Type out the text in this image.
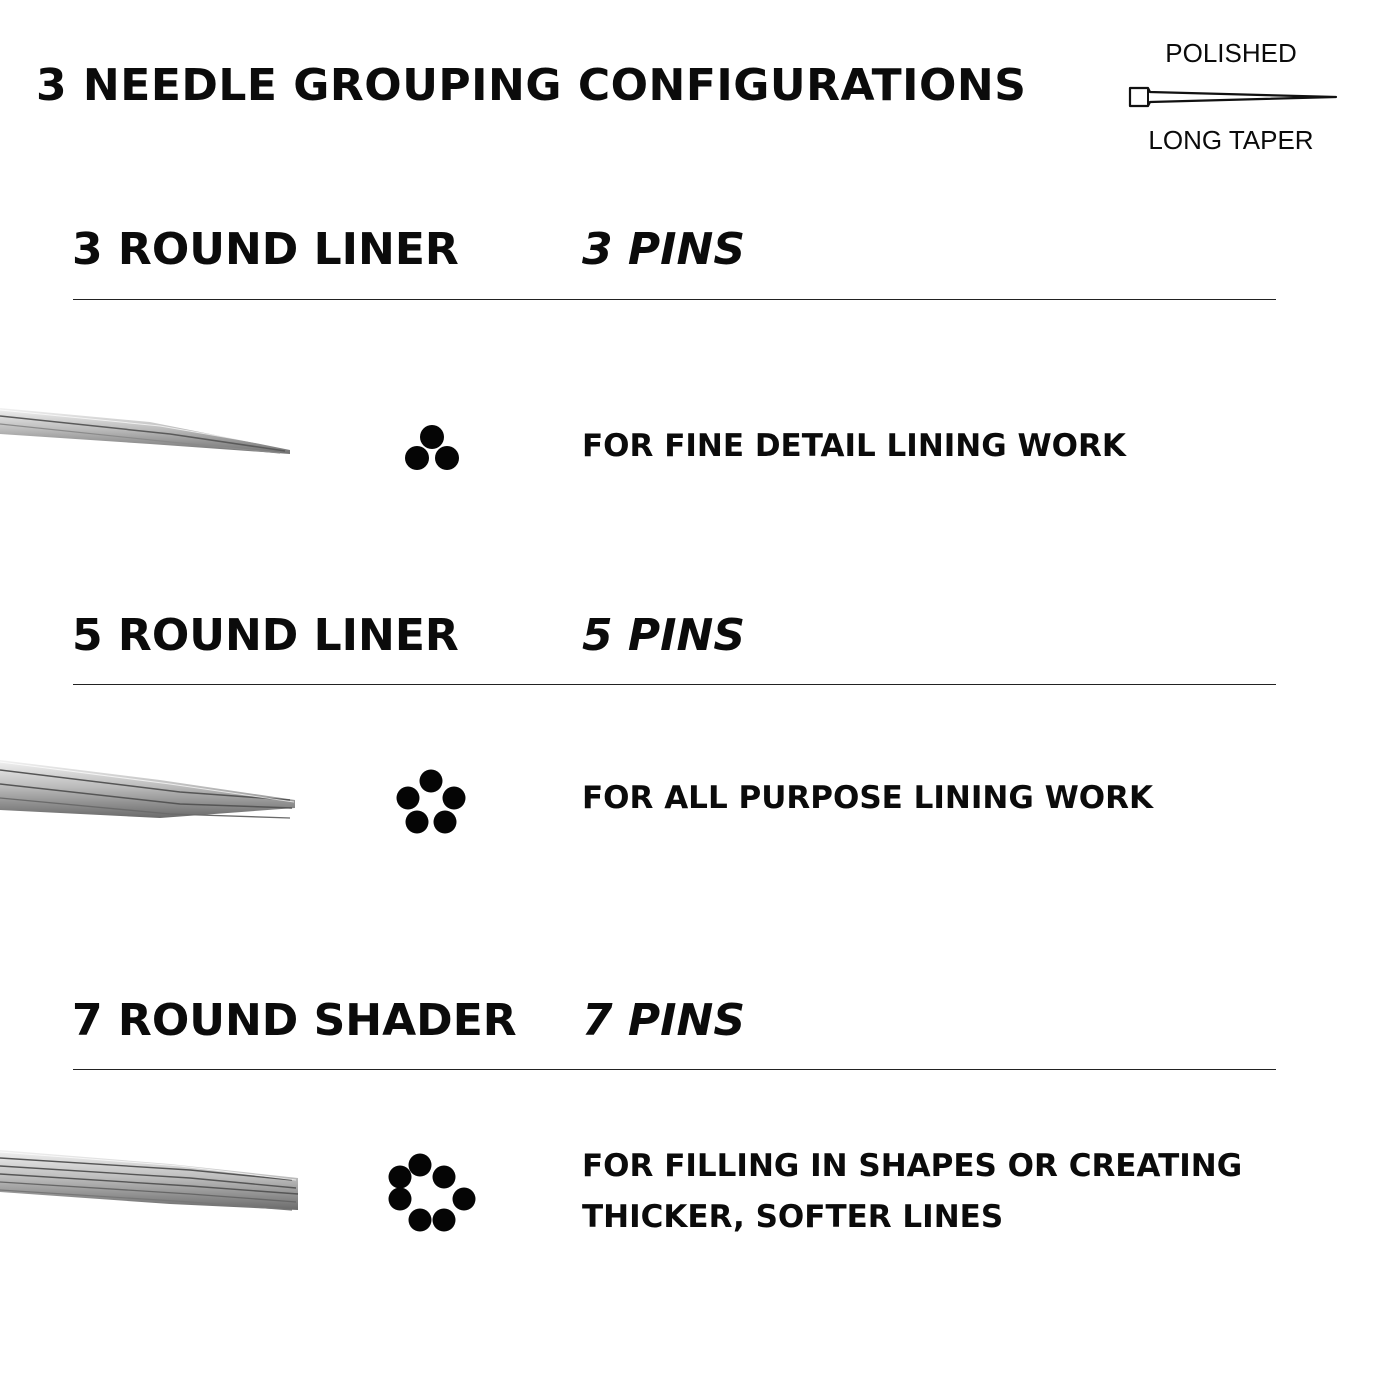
3 NEEDLE GROUPING CONFIGURATIONS
POLISHED
LONG TAPER
3 ROUND LINER	3 PINS
FOR FINE DETAIL LINING WORK
5 ROUND LINER	5 PINS
FOR ALL PURPOSE LINING WORK
7 ROUND SHADER 7 PINS
FOR FILLING IN SHAPES OR CREATING
THICKER, SOFTER LINES
